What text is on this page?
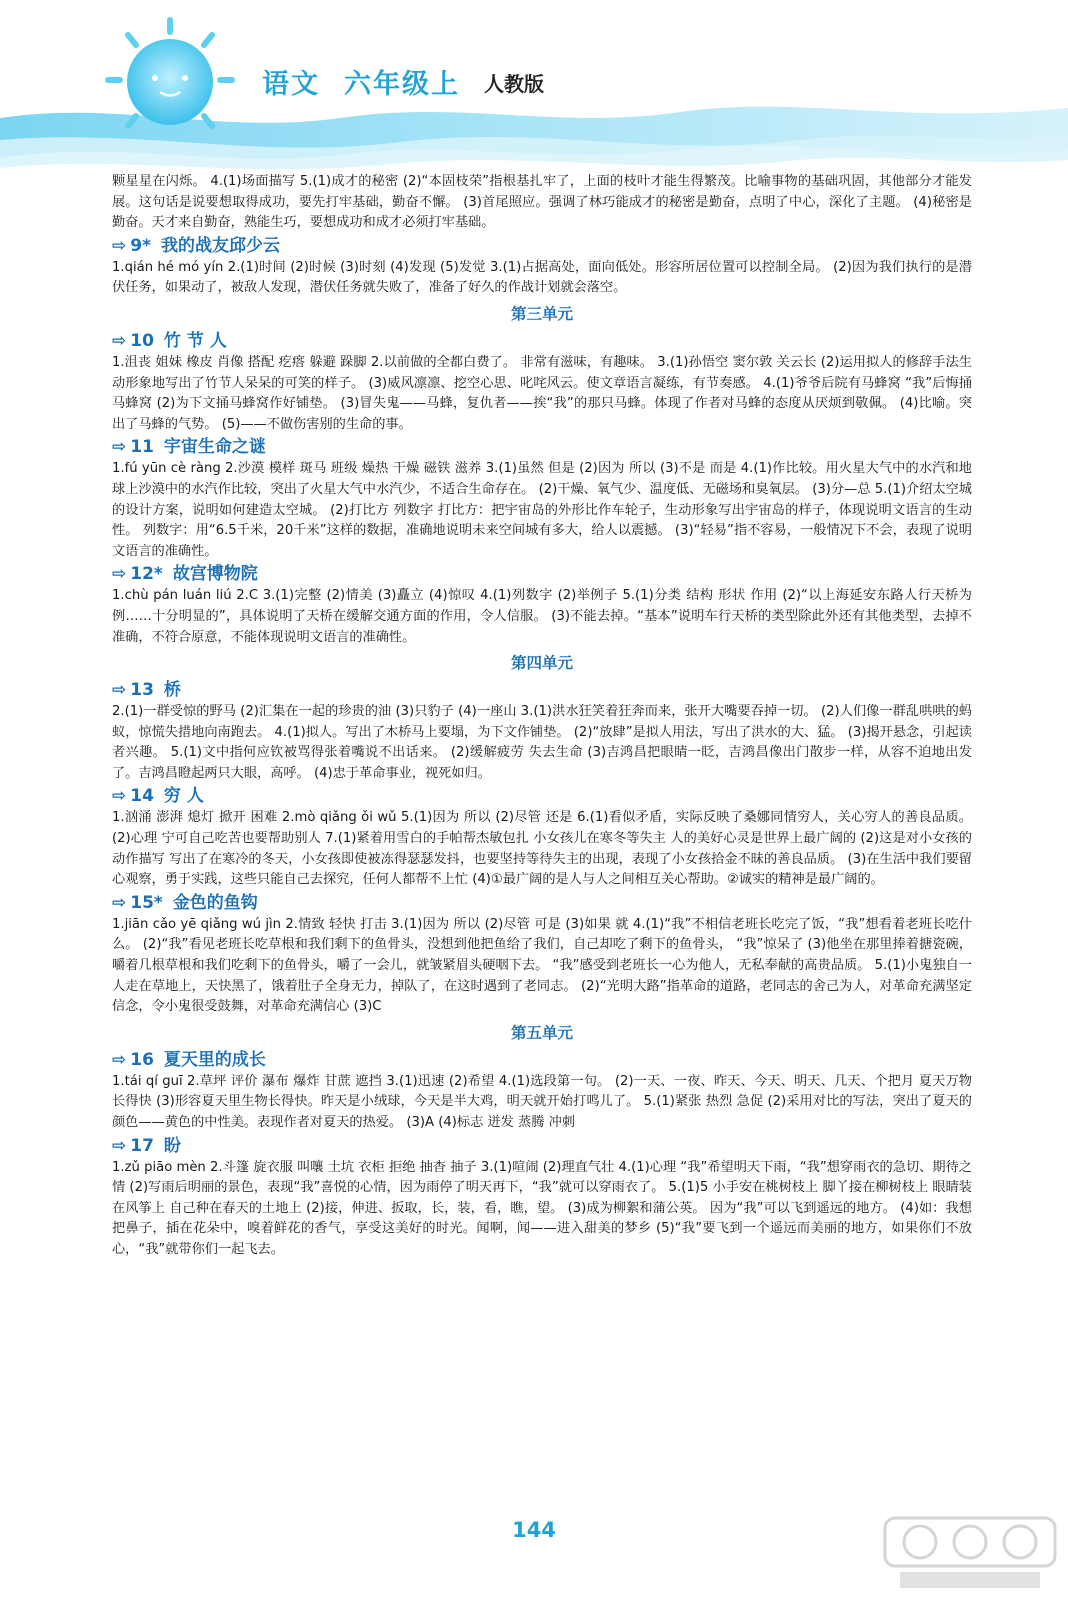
语文 六年级上 人教版

颗星星在闪烁。 4.(1)场面描写 5.(1)成才的秘密 (2)“本固枝荣”指根基扎牢了，上面的枝叶才能生得繁茂。比喻事物的基础巩固，其他部分才能发展。这句话是说要想取得成功，要先打牢基础，勤奋不懈。 (3)首尾照应。强调了林巧能成才的秘密是勤奋，点明了中心，深化了主题。 (4)秘密是勤奋。天才来自勤奋，熟能生巧，要想成功和成才必须打牢基础。

⇨ 9* 我的战友邱少云

1.qián hé mó yín 2.(1)时间 (2)时候 (3)时刻 (4)发现 (5)发觉 3.(1)占据高处，面向低处。形容所居位置可以控制全局。 (2)因为我们执行的是潜伏任务，如果动了，被敌人发现，潜伏任务就失败了，准备了好久的作战计划就会落空。

第三单元

⇨ 10 竹 节 人

1.沮丧 姐妹 橡皮 肖像 搭配 疙瘩 躲避 跺脚 2.以前做的全都白费了。 非常有滋味，有趣味。 3.(1)孙悟空 窦尔敦 关云长 (2)运用拟人的修辞手法生动形象地写出了竹节人呆呆的可笑的样子。 (3)威风凛凛、挖空心思、叱咤风云。使文章语言凝练，有节奏感。 4.(1)爷爷后院有马蜂窝 “我”后悔捅马蜂窝 (2)为下文捅马蜂窝作好铺垫。 (3)冒失鬼——马蜂，复仇者——挨“我”的那只马蜂。体现了作者对马蜂的态度从厌烦到敬佩。 (4)比喻。突出了马蜂的气势。 (5)——不做伤害别的生命的事。

⇨ 11 宇宙生命之谜

1.fú yūn cè ràng 2.沙漠 模样 斑马 班级 燥热 干燥 磁铁 滋养 3.(1)虽然 但是 (2)因为 所以 (3)不是 而是 4.(1)作比较。用火星大气中的水汽和地球上沙漠中的水汽作比较，突出了火星大气中水汽少，不适合生命存在。 (2)干燥、氧气少、温度低、无磁场和臭氧层。 (3)分—总 5.(1)介绍太空城的设计方案，说明如何建造太空城。 (2)打比方 列数字 打比方：把宇宙岛的外形比作车轮子，生动形象写出宇宙岛的样子，体现说明文语言的生动性。 列数字：用“6.5千米，20千米”这样的数据，准确地说明未来空间城有多大，给人以震撼。 (3)“轻易”指不容易，一般情况下不会，表现了说明文语言的准确性。

⇨ 12* 故宫博物院

1.chù pán luán liú 2.C 3.(1)完整 (2)情美 (3)矗立 (4)惊叹 4.(1)列数字 (2)举例子 5.(1)分类 结构 形状 作用 (2)“以上海延安东路人行天桥为例……十分明显的”，具体说明了天桥在缓解交通方面的作用，令人信服。 (3)不能去掉。“基本”说明车行天桥的类型除此外还有其他类型，去掉不准确，不符合原意，不能体现说明文语言的准确性。

第四单元

⇨ 13 桥

2.(1)一群受惊的野马 (2)汇集在一起的珍贵的油 (3)只豹子 (4)一座山 3.(1)洪水狂笑着狂奔而来，张开大嘴要吞掉一切。 (2)人们像一群乱哄哄的蚂蚁，惊慌失措地向南跑去。 4.(1)拟人。写出了木桥马上要塌，为下文作铺垫。 (2)“放肆”是拟人用法，写出了洪水的大、猛。 (3)揭开悬念，引起读者兴趣。 5.(1)文中指何应钦被骂得张着嘴说不出话来。 (2)缓解疲劳 失去生命 (3)吉鸿昌把眼睛一眨，吉鸿昌像出门散步一样，从容不迫地出发了。吉鸿昌瞪起两只大眼，高呼。 (4)忠于革命事业，视死如归。

⇨ 14 穷 人

1.汹涌 澎湃 熄灯 掀开 困难 2.mò qiǎng ǒi wǔ 5.(1)因为 所以 (2)尽管 还是 6.(1)看似矛盾，实际反映了桑娜同情穷人，关心穷人的善良品质。 (2)心理 宁可自己吃苦也要帮助别人 7.(1)紧着用雪白的手帕帮杰敏包扎 小女孩儿在寒冬等失主 人的美好心灵是世界上最广阔的 (2)这是对小女孩的动作描写 写出了在寒冷的冬天，小女孩即使被冻得瑟瑟发抖，也要坚持等待失主的出现，表现了小女孩拾金不昧的善良品质。 (3)在生活中我们要留心观察，勇于实践，这些只能自己去探究，任何人都帮不上忙 (4)①最广阔的是人与人之间相互关心帮助。②诚实的精神是最广阔的。

⇨ 15* 金色的鱼钩

1.jiān cǎo yē qiǎng wú jìn 2.情致 轻快 打击 3.(1)因为 所以 (2)尽管 可是 (3)如果 就 4.(1)“我”不相信老班长吃完了饭，“我”想看着老班长吃什么。 (2)“我”看见老班长吃草根和我们剩下的鱼骨头，没想到他把鱼给了我们，自己却吃了剩下的鱼骨头， “我”惊呆了 (3)他坐在那里捧着搪瓷碗，嚼着几根草根和我们吃剩下的鱼骨头，嚼了一会儿，就皱紧眉头硬咽下去。 “我”感受到老班长一心为他人，无私奉献的高贵品质。 5.(1)小鬼独自一人走在草地上，天快黑了，饿着肚子全身无力，掉队了，在这时遇到了老同志。 (2)“光明大路”指革命的道路，老同志的舍己为人，对革命充满坚定信念，令小鬼很受鼓舞，对革命充满信心 (3)C

第五单元

⇨ 16 夏天里的成长

1.tái qí guī 2.草坪 评价 瀑布 爆炸 甘蔗 遮挡 3.(1)迅速 (2)希望 4.(1)选段第一句。 (2)一天、一夜、昨天、今天、明天、几天、个把月 夏天万物长得快 (3)形容夏天里生物长得快。昨天是小绒球，今天是半大鸡，明天就开始打鸣儿了。 5.(1)紧张 热烈 急促 (2)采用对比的写法，突出了夏天的颜色——黄色的中性美。表现作者对夏天的热爱。 (3)A (4)标志 迸发 蒸腾 冲刺

⇨ 17 盼

1.zǔ piāo mèn 2.斗篷 旋衣服 叫嚷 土坑 衣柜 拒绝 抽杳 抽子 3.(1)喧闹 (2)理直气壮 4.(1)心理 “我”希望明天下雨，“我”想穿雨衣的急切、期待之情 (2)写雨后明丽的景色，表现“我”喜悦的心情，因为雨停了明天再下，“我”就可以穿雨衣了。 5.(1)5 小手安在桃树枝上 脚丫接在柳树枝上 眼睛装在风筝上 自己种在春天的土地上 (2)接，伸进、扳取，长，装，看，瞧，望。 (3)成为柳絮和蒲公英。 因为“我”可以飞到遥远的地方。 (4)如：我想把鼻子，插在花朵中，嗅着鲜花的香气，享受这美好的时光。闻啊，闻——进入甜美的梦乡 (5)“我”要飞到一个遥远而美丽的地方，如果你们不放心，“我”就带你们一起飞去。

144
